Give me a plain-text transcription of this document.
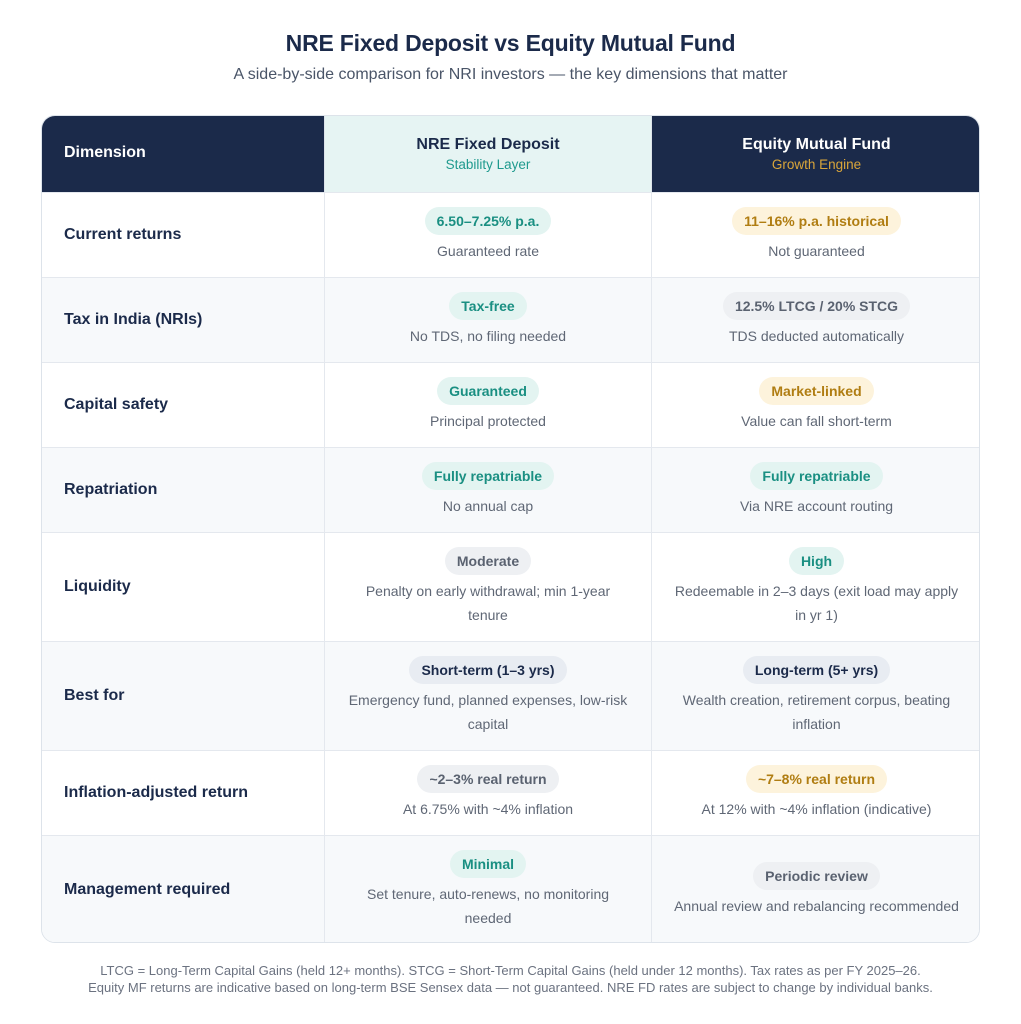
NRE Fixed Deposit vs Equity Mutual Fund
A side-by-side comparison for NRI investors — the key dimensions that matter
Dimension	NRE Fixed Deposit
Stability Layer
Equity Mutual Fund
Growth Engine
Current returns
6.50–7.25% p.a.
Guaranteed rate
11–16% p.a. historical
Not guaranteed
Tax in India (NRIs)
Tax-free
No TDS, no filing needed
12.5% LTCG / 20% STCG
TDS deducted automatically
Capital safety
Guaranteed
Principal protected
Market-linked
Value can fall short-term
Repatriation
Fully repatriable
No annual cap
Fully repatriable
Via NRE account routing
Liquidity
Moderate
Penalty on early withdrawal; min 1-year tenure
High
Redeemable in 2–3 days (exit load may apply in yr 1)
Best for
Short-term (1–3 yrs)
Emergency fund, planned expenses, low-risk capital
Long-term (5+ yrs)
Wealth creation, retirement corpus, beating inflation
Inflation-adjusted return
~2–3% real return
At 6.75% with ~4% inflation
~7–8% real return
At 12% with ~4% inflation (indicative)
Management required
Minimal
Set tenure, auto-renews, no monitoring needed
Periodic review
Annual review and rebalancing recommended
LTCG = Long-Term Capital Gains (held 12+ months). STCG = Short-Term Capital Gains (held under 12 months). Tax rates as per FY 2025–26.
Equity MF returns are indicative based on long-term BSE Sensex data — not guaranteed. NRE FD rates are subject to change by individual banks.
